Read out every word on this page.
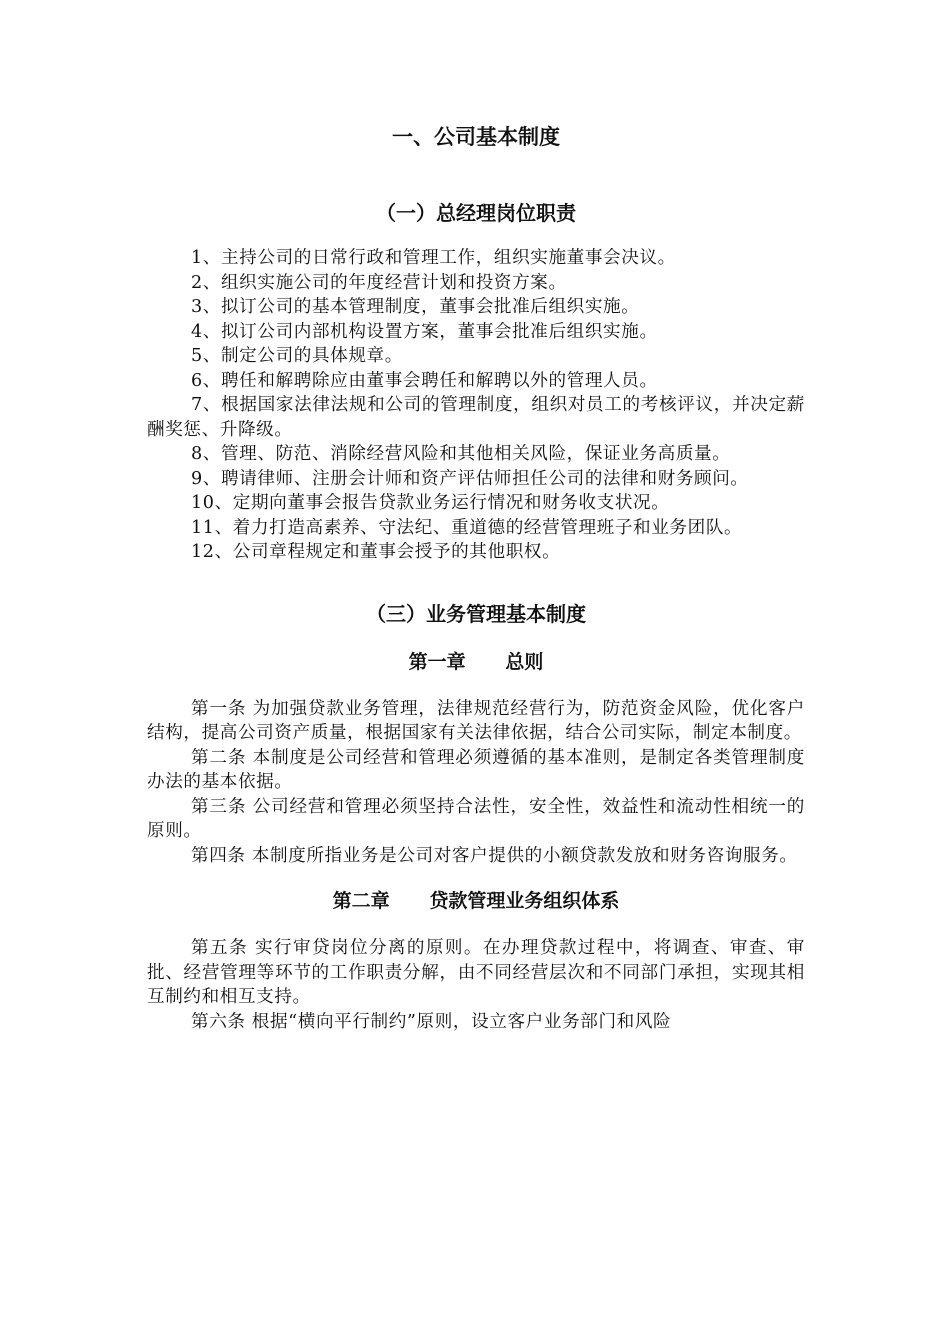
一、公司基本制度
（一）总经理岗位职责

1、主持公司的日常行政和管理工作，组织实施董事会决议。

2、组织实施公司的年度经营计划和投资方案。

3、拟订公司的基本管理制度，董事会批准后组织实施。

4、拟订公司内部机构设置方案，董事会批准后组织实施。

5、制定公司的具体规章。

6、聘任和解聘除应由董事会聘任和解聘以外的管理人员。

7、根据国家法律法规和公司的管理制度，组织对员工的考核评议，并决定薪酬奖惩、升降级。

8、管理、防范、消除经营风险和其他相关风险，保证业务高质量。

9、聘请律师、注册会计师和资产评估师担任公司的法律和财务顾问。

10、定期向董事会报告贷款业务运行情况和财务收支状况。

11、着力打造高素养、守法纪、重道德的经营管理班子和业务团队。

12、公司章程规定和董事会授予的其他职权。

（三）业务管理基本制度
第一章      总则

第一条 为加强贷款业务管理，法律规范经营行为，防范资金风险，优化客户结构，提高公司资产质量，根据国家有关法律依据，结合公司实际，制定本制度。

第二条 本制度是公司经营和管理必须遵循的基本准则，是制定各类管理制度办法的基本依据。

第三条 公司经营和管理必须坚持合法性，安全性，效益性和流动性相统一的原则。

第四条 本制度所指业务是公司对客户提供的小额贷款发放和财务咨询服务。

第二章      贷款管理业务组织体系

第五条 实行审贷岗位分离的原则。在办理贷款过程中，将调查、审查、审批、经营管理等环节的工作职责分解，由不同经营层次和不同部门承担，实现其相互制约和相互支持。

第六条 根据“横向平行制约”原则，设立客户业务部门和风险
